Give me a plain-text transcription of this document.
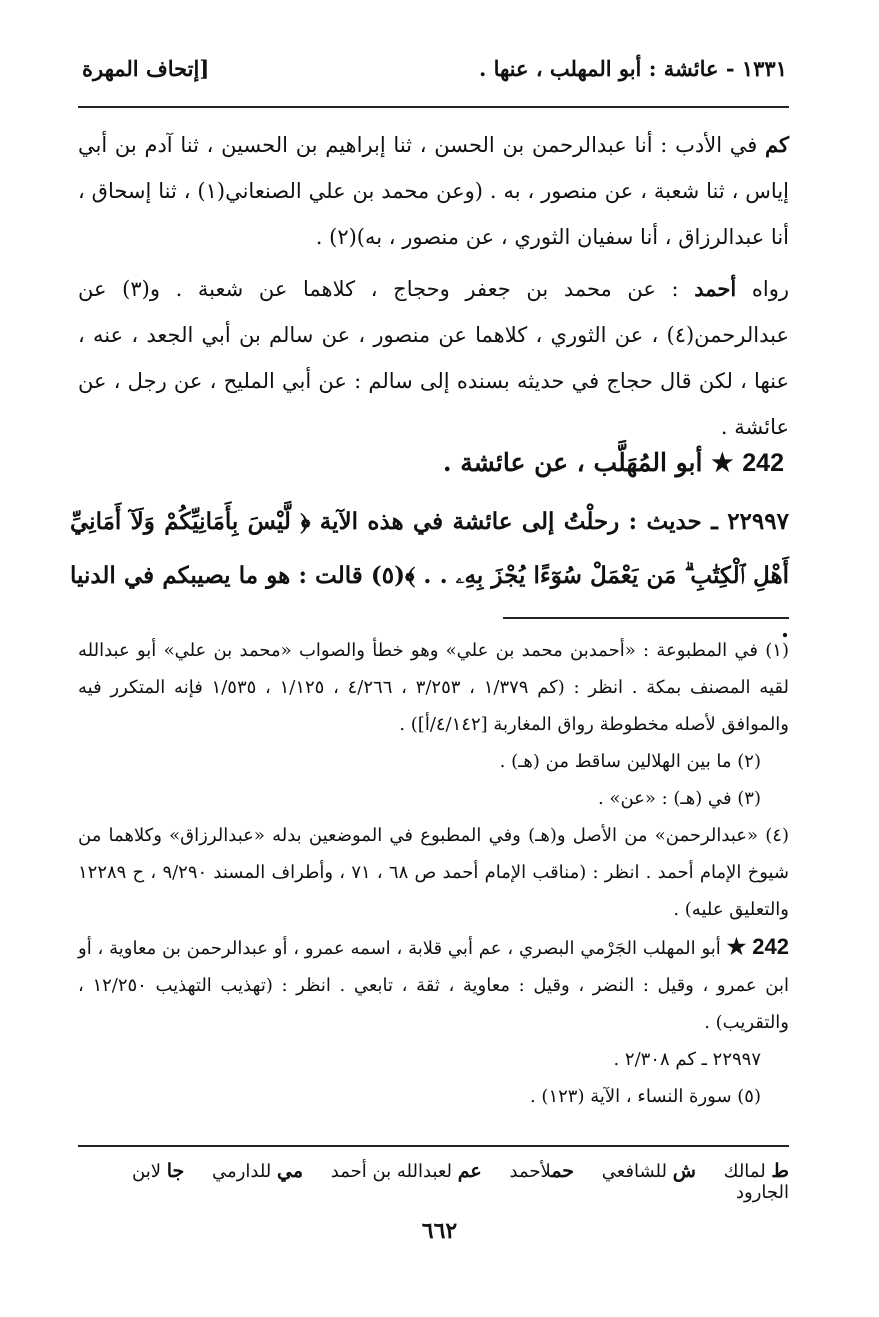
١٣٣١ - عائشة : أبو المهلب ، عنها .
[إتحاف المهرة

كم في الأدب : أنا عبدالرحمن بن الحسن ، ثنا إبراهيم بن الحسين ، ثنا آدم بن أبي إياس ، ثنا شعبة ، عن منصور ، به . (وعن محمد بن علي الصنعاني(١) ، ثنا إسحاق ، أنا عبدالرزاق ، أنا سفيان الثوري ، عن منصور ، به)(٢) .

رواه أحمد : عن محمد بن جعفر وحجاج ، كلاهما عن شعبة . و(٣) عن عبدالرحمن(٤) ، عن الثوري ، كلاهما عن منصور ، عن سالم بن أبي الجعد ، عنه ، عنها ، لكن قال حجاج في حديثه بسنده إلى سالم : عن أبي المليح ، عن رجل ، عن عائشة .

242 ★ أبو المُهَلَّب ، عن عائشة .
٢٢٩٩٧ ـ حديث : رحلْتُ إلى عائشة في هذه الآية ﴿ لَّيْسَ بِأَمَانِيِّكُمْ وَلَآ أَمَانِيِّ أَهْلِ ٱلْكِتَٰبِ ۗ مَن يَعْمَلْ سُوٓءًا يُجْزَ بِهِۦ . . ﴾(٥) قالت : هو ما يصيبكم في الدنيا .

(١) في المطبوعة : «أحمدبن محمد بن علي» وهو خطأ والصواب «محمد بن علي» أبو عبدالله لقيه المصنف بمكة . انظر : (كم ١/٣٧٩ ، ٣/٢٥٣ ، ٤/٢٦٦ ، ١/١٢٥ ، ١/٥٣٥ فإنه المتكرر فيه والموافق لأصله مخطوطة رواق المغاربة [٤/١٤٢/أ]) .

(٢) ما بين الهلالين ساقط من (هـ) .

(٣) في (هـ) : «عن» .

(٤) «عبدالرحمن» من الأصل و(هـ) وفي المطبوع في الموضعين بدله «عبدالرزاق» وكلاهما من شيوخ الإمام أحمد . انظر : (مناقب الإمام أحمد ص ٦٨ ، ٧١ ، وأطراف المسند ٩/٢٩٠ ، ح ١٢٢٨٩ والتعليق عليه) .

242 ★ أبو المهلب الجَرْمي البصري ، عم أبي قلابة ، اسمه عمرو ، أو عبدالرحمن بن معاوية ، أو ابن عمرو ، وقيل : النضر ، وقيل : معاوية ، ثقة ، تابعي . انظر : (تهذيب التهذيب ١٢/٢٥٠ ، والتقريب) .

٢٢٩٩٧ ـ كم ٢/٣٠٨ .

(٥) سورة النساء ، الآية (١٢٣) .

ط لمالك ش للشافعي حملأحمد عم لعبدالله بن أحمد مي للدارمي جا لابن الجارود
٦٦٢
